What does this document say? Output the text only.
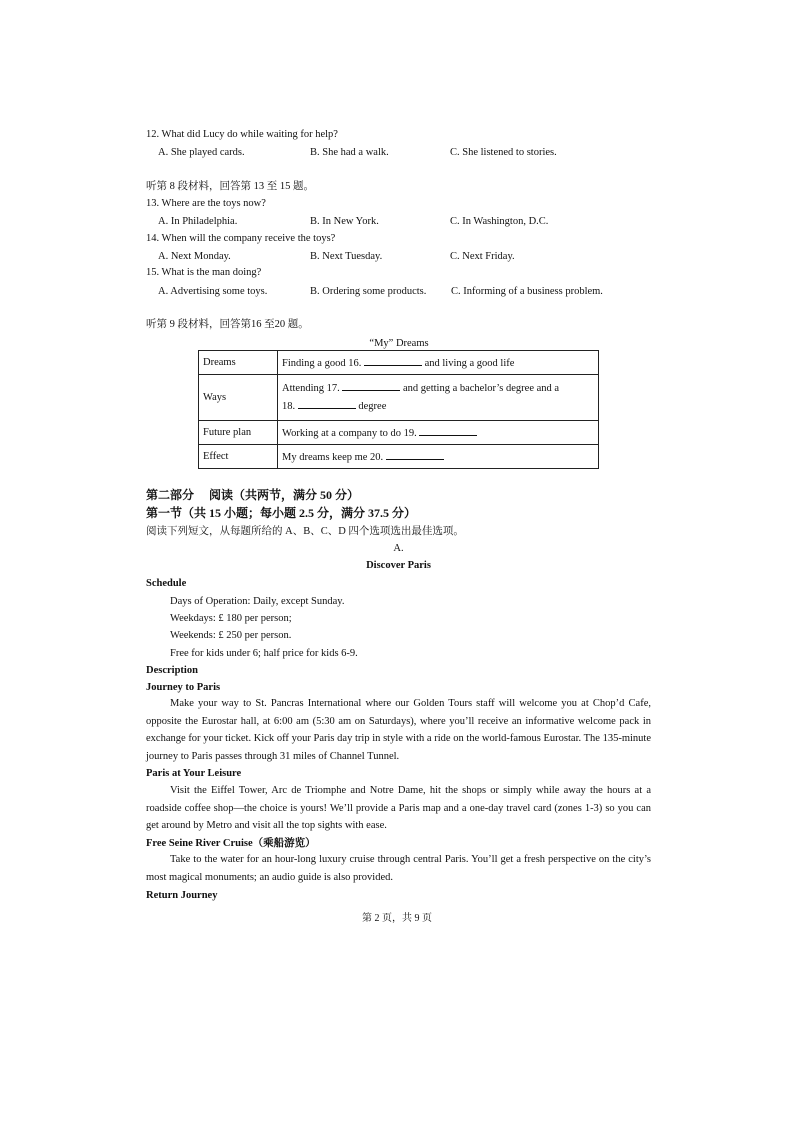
12. What did Lucy do while waiting for help?
A. She played cards.	B. She had a walk.	C. She listened to stories.
听第 8 段材料，回答第 13 至 15 题。
13. Where are the toys now?
A. In Philadelphia.	B. In New York.	C. In Washington, D.C.
14. When will the company receive the toys?
A. Next Monday.	B. Next Tuesday.	C. Next Friday.
15. What is the man doing?
A. Advertising some toys.	B. Ordering some products. C. Informing of a business problem.
听第 9 段材料，回答第16 至20 题。
“My” Dreams
Dreams	Finding a good 16. and living a good life
Ways	Attending 17. and getting a bachelor’s degree and a
18. degree
Future plan	Working at a company to do 19.
Effect	My dreams keep me 20.
第二部分　 阅读（共两节，满分 50 分）
第一节（共 15 小题；每小题 2.5 分，满分 37.5 分）
阅读下列短文，从每题所给的 A、B、C、D 四个选项选出最佳选项。
A.
Discover Paris
Schedule
Days of Operation: Daily, except Sunday.
Weekdays: £ 180 per person;
Weekends: £ 250 per person.
Free for kids under 6; half price for kids 6-9.
Description
Journey to Paris
Make your way to St. Pancras International where our Golden Tours staff will welcome you at Chop’d Cafe, opposite the Eurostar hall, at 6:00 am (5:30 am on Saturdays), where you’ll receive an informative welcome pack in exchange for your ticket. Kick off your Paris day trip in style with a ride on the world-famous Eurostar. The 135-minute journey to Paris passes through 31 miles of Channel Tunnel.
Paris at Your Leisure
Visit the Eiffel Tower, Arc de Triomphe and Notre Dame, hit the shops or simply while away the hours at a roadside coffee shop—the choice is yours! We’ll provide a Paris map and a one-day travel card (zones 1-3) so you can get around by Metro and visit all the top sights with ease.
Free Seine River Cruise（乘船游览）
Take to the water for an hour-long luxury cruise through central Paris. You’ll get a fresh perspective on the city’s most magical monuments; an audio guide is also provided.
Return Journey
第 2 页，共 9 页
